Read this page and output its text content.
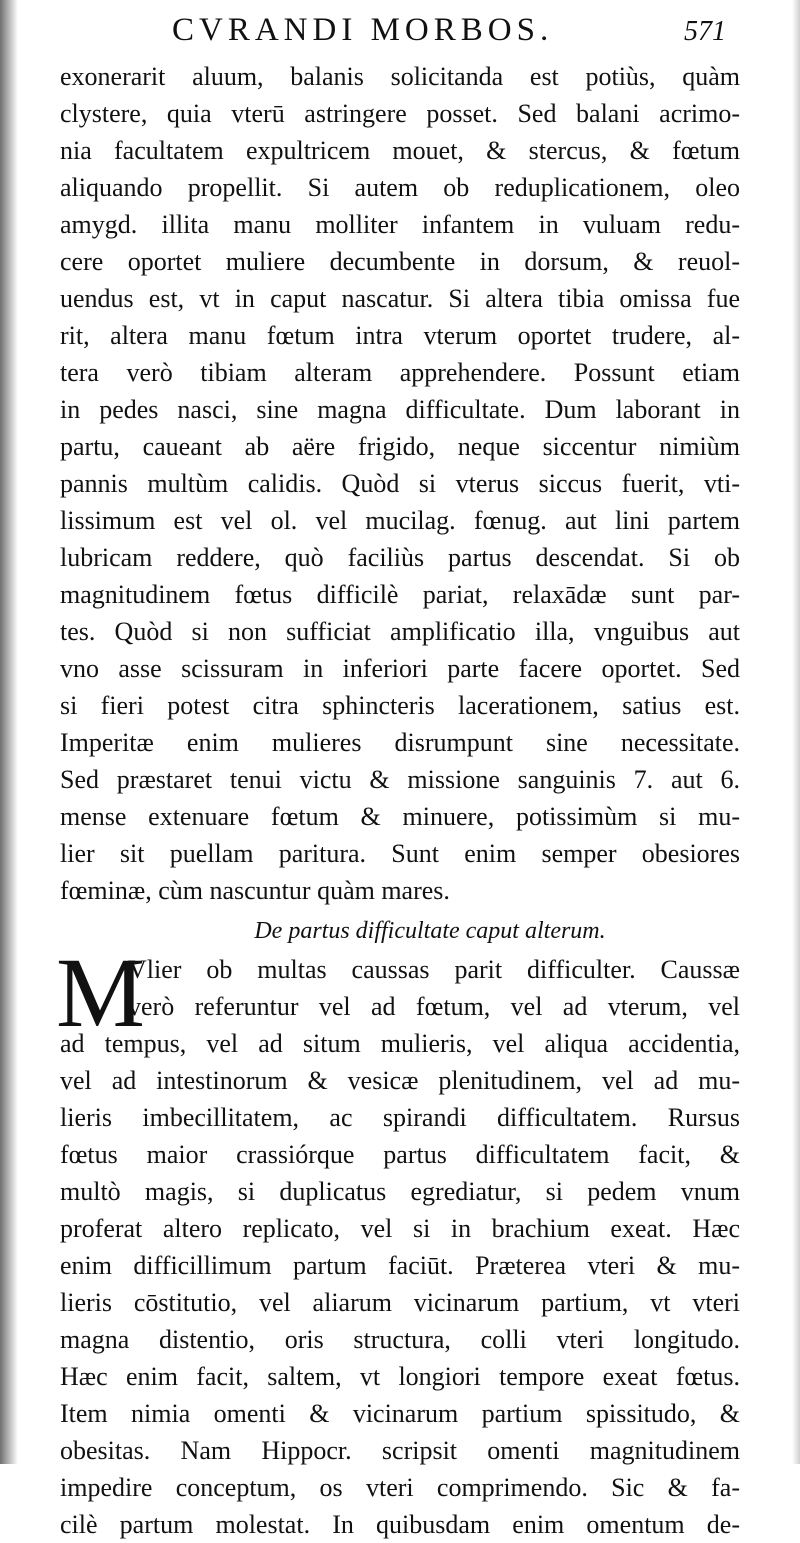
CVRANDI MORBOS.	571
exonerarit aluum, balanis solicitanda est potiùs, quàm
clystere, quia vterū astringere posset. Sed balani acrimo-
nia facultatem expultricem mouet, & stercus, & fœtum
aliquando propellit. Si autem ob reduplicationem, oleo
amygd. illita manu molliter infantem in vuluam redu-
cere oportet muliere decumbente in dorsum, & reuol-
uendus est, vt in caput nascatur. Si altera tibia omissa fue
rit, altera manu fœtum intra vterum oportet trudere, al-
tera verò tibiam alteram apprehendere. Possunt etiam
in pedes nasci, sine magna difficultate. Dum laborant in
partu, caueant ab aëre frigido, neque siccentur nimiùm
pannis multùm calidis. Quòd si vterus siccus fuerit, vti-
lissimum est vel ol. vel mucilag. fœnug. aut lini partem
lubricam reddere, quò faciliùs partus descendat. Si ob
magnitudinem fœtus difficilè pariat, relaxādæ sunt par-
tes. Quòd si non sufficiat amplificatio illa, vnguibus aut
vno asse scissuram in inferiori parte facere oportet. Sed
si fieri potest citra sphincteris lacerationem, satius est.
Imperitæ enim mulieres disrumpunt sine necessitate.
Sed præstaret tenui victu & missione sanguinis 7. aut 6.
mense extenuare fœtum & minuere, potissimùm si mu-
lier sit puellam paritura. Sunt enim semper obesiores
fœminæ, cùm nascuntur quàm mares.
De partus difficultate caput alterum.
M
Vlier ob multas caussas parit difficulter. Caussæ
verò referuntur vel ad fœtum, vel ad vterum, vel
ad tempus, vel ad situm mulieris, vel aliqua accidentia,
vel ad intestinorum & vesicæ plenitudinem, vel ad mu-
lieris imbecillitatem, ac spirandi difficultatem. Rursus
fœtus maior crassiórque partus difficultatem facit, &
multò magis, si duplicatus egrediatur, si pedem vnum
proferat altero replicato, vel si in brachium exeat. Hæc
enim difficillimum partum faciūt. Præterea vteri & mu-
lieris cōstitutio, vel aliarum vicinarum partium, vt vteri
magna distentio, oris structura, colli vteri longitudo.
Hæc enim facit, saltem, vt longiori tempore exeat fœtus.
Item nimia omenti & vicinarum partium spissitudo, &
obesitas. Nam Hippocr. scripsit omenti magnitudinem
impedire conceptum, os vteri comprimendo. Sic & fa-
cilè partum molestat. In quibusdam enim omentum de-
